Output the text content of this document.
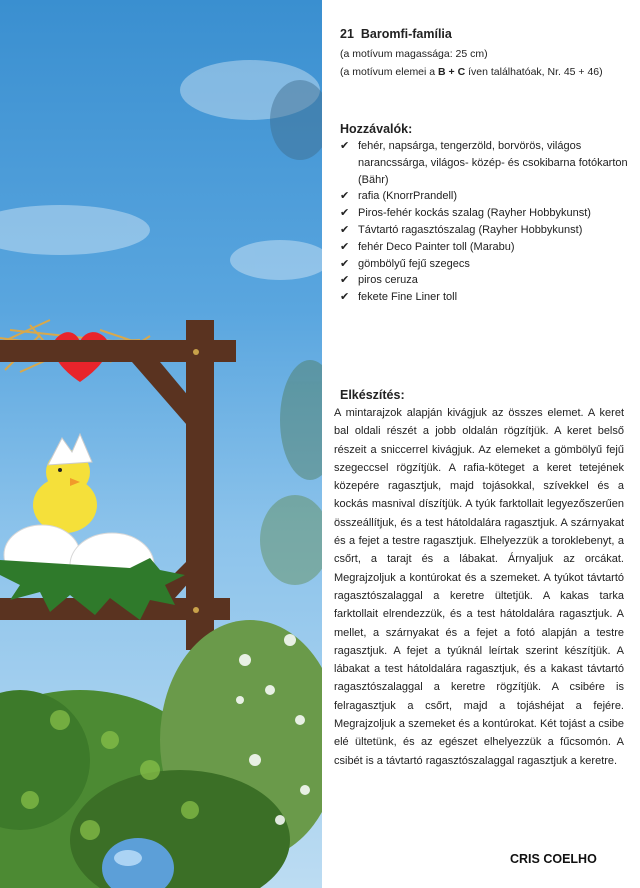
21 Baromfi-família

(a motívum magassága: 25 cm)

(a motívum elemei a B + C íven találhatóak, Nr. 45 + 46)

Hozzávalók:

✔ fehér, napsárga, tengerzöld, borvörös, világos narancssárga, világos- közép- és csokibarna fotókarton (Bähr)
✔ rafia (KnorrPrandell)
✔ Piros-fehér kockás szalag (Rayher Hobbykunst)
✔ Távtartó ragasztószalag (Rayher Hobbykunst)
✔ fehér Deco Painter toll (Marabu)
✔ gömbölyű fejű szegecs
✔ piros ceruza
✔ fekete Fine Liner toll

Elkészítés:

A mintarajzok alapján kivágjuk az összes elemet. A keret bal oldali részét a jobb oldalán rögzítjük. A keret belső részeit a sniccerrel kivágjuk. Az elemeket a gömbölyű fejű szegeccsel rögzítjük. A rafia-köteget a keret tetejének közepére ragasztjuk, majd tojásokkal, szívekkel és a kockás masnival díszítjük. A tyúk farktollait legyezőszerűen összeállítjuk, és a test hátoldalára ragasztjuk. A szárnyakat és a fejet a testre ragasztjuk. Elhelyezzük a toroklebenyt, a csőrt, a tarajt és a lábakat. Árnyaljuk az orcákat. Megrajzoljuk a kontúrokat és a szemeket. A tyúkot távtartó ragasztószalaggal a keretre ültetjük. A kakas tarka farktollait elrendezzük, és a test hátoldalára ragasztjuk. A mellet, a szárnyakat és a fejet a fotó alapján a testre ragasztjuk. A fejet a tyúknál leírtak szerint készítjük. A lábakat a test hátoldalára ragasztjuk, és a kakast távtartó ragasztószalaggal a keretre rögzítjük. A csibére is felragasztjuk a csőrt, majd a tojáshéjat a fejére. Megrajzoljuk a szemeket és a kontúrokat. Két tojást a csibe elé ültetünk, és az egészet elhelyezzük a fűcsomón. A csibét is a távtartó ragasztószalaggal ragasztjuk a keretre.

CRIS COELHO
